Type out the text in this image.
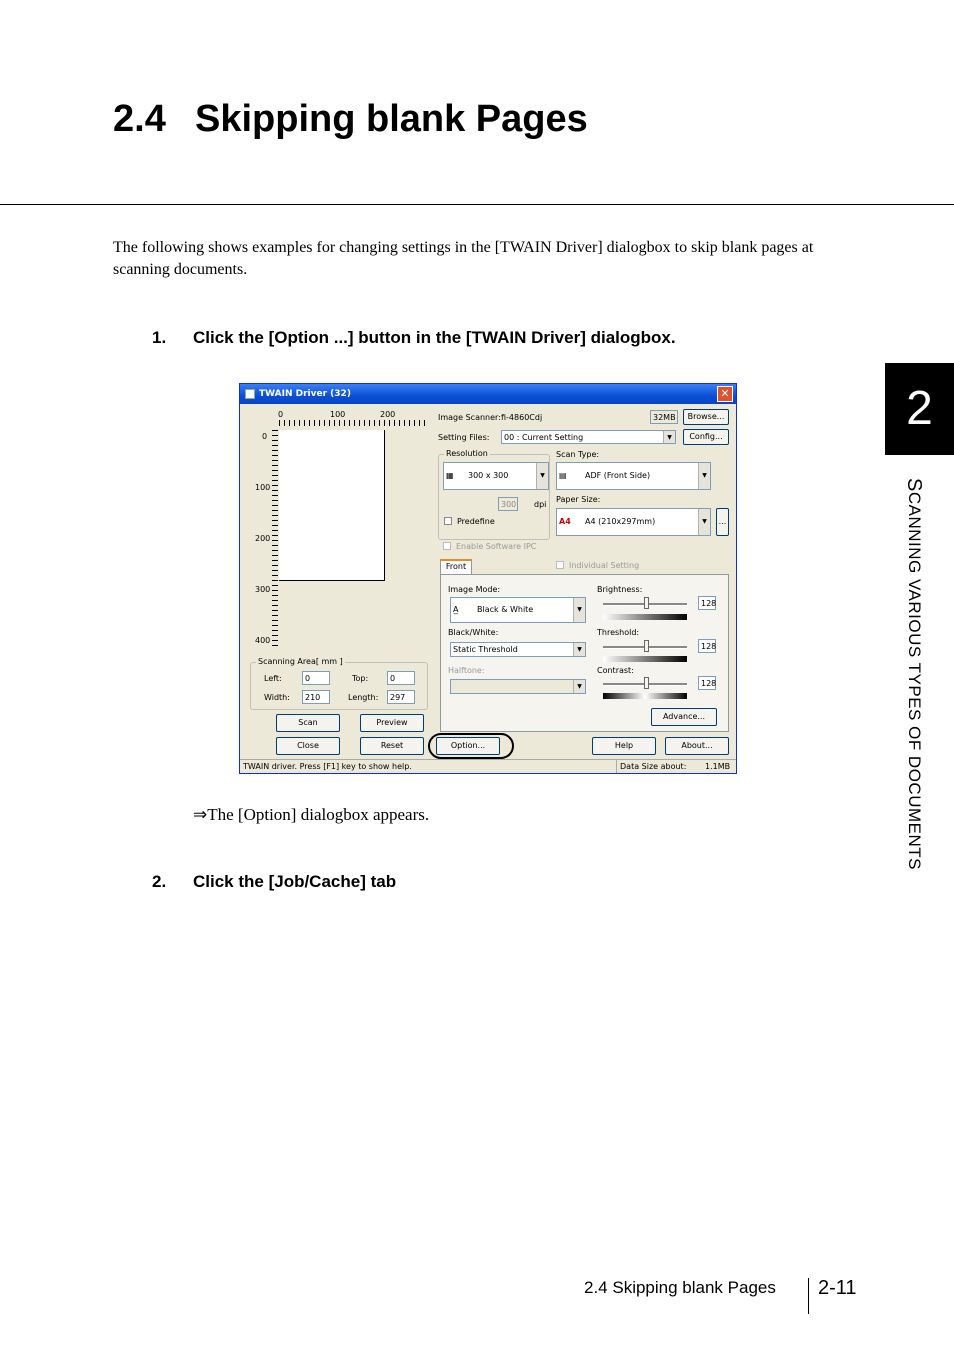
2.4 Skipping blank Pages
The following shows examples for changing settings in the [TWAIN Driver] dialogbox to skip blank pages at scanning documents.
1. Click the [Option ...] button in the [TWAIN Driver] dialogbox.
TWAIN Driver (32)	✕
0	100	200
0
100
200
300
400
Scanning Area[ mm ]
Left:	0	Top:	0
Width:	210	Length:	297
Scan	Preview
Close	Reset
Image Scanner: fi-4860Cdj	32MB	Browse...
Setting Files:	00 : Current Setting	▼	Config...
Resolution
▦ 300 x 300	▼
300 dpi
Predefine
Scan Type:
▤ ADF (Front Side)	▼
Paper Size:
A4 A4 (210x297mm)	▼	...
Enable Software IPC
Front	Individual Setting
Image Mode:
A̲ Black & White	▼
Black/White:
Static Threshold	▼
Halftone:
▼
Brightness:
128
Threshold:
128
Contrast:
128
Advance...
Option...	Help	About...
TWAIN driver. Press [F1] key to show help.	Data Size about: 1.1MB
⇒The [Option] dialogbox appears.
2. Click the [Job/Cache] tab
2
SCANNING VARIOUS TYPES OF DOCUMENTS
2.4 Skipping blank Pages 2-11
